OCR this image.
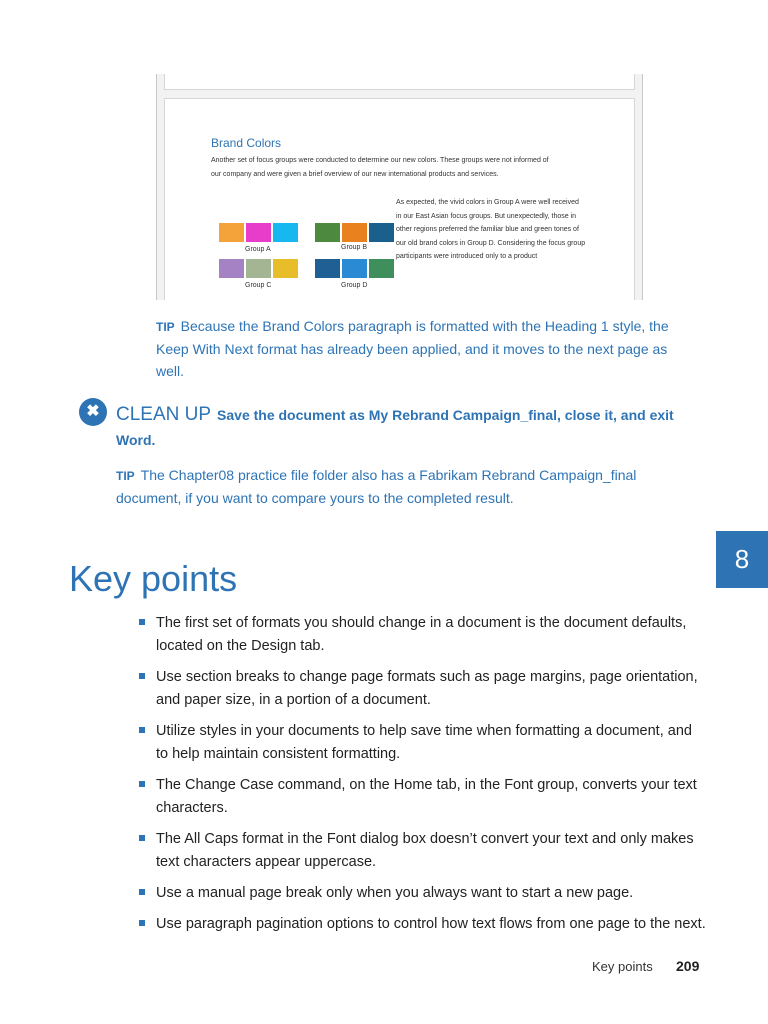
Brand Colors
Another set of focus groups were conducted to determine our new colors. These groups were not informed of our company and were given a brief overview of our new international products and services.
Group A	Group B
Group C	Group D
As expected, the vivid colors in Group A were well received in our East Asian focus groups. But unexpectedly, those in other regions preferred the familiar blue and green tones of our old brand colors in Group D. Considering the focus group participants were introduced only to a product
TIP Because the Brand Colors paragraph is formatted with the Heading 1 style, the Keep With Next format has already been applied, and it moves to the next page as well.
✖ CLEAN UP Save the document as My Rebrand Campaign_final, close it, and exit Word.
TIP The Chapter08 practice file folder also has a Fabrikam Rebrand Campaign_final document, if you want to compare yours to the completed result.
8
Key points
The first set of formats you should change in a document is the document defaults, located on the Design tab.
Use section breaks to change page formats such as page margins, page orientation, and paper size, in a portion of a document.
Utilize styles in your documents to help save time when formatting a document, and to help maintain consistent formatting.
The Change Case command, on the Home tab, in the Font group, converts your text characters.
The All Caps format in the Font dialog box doesn’t convert your text and only makes text characters appear uppercase.
Use a manual page break only when you always want to start a new page.
Use paragraph pagination options to control how text flows from one page to the next.
Key points 209
